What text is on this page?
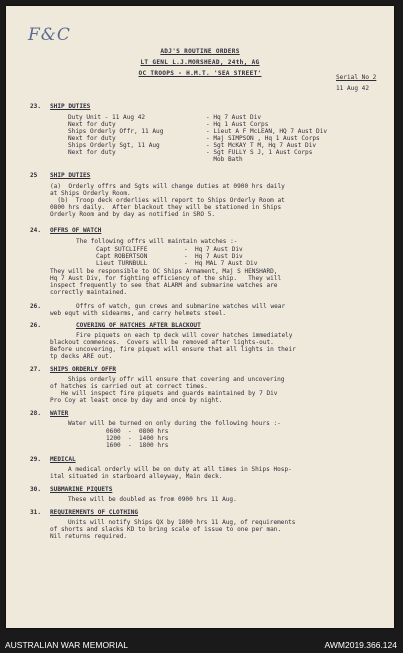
F&C
ADJ'S ROUTINE ORDERS
LT GENL L.J.MORSHEAD, 24th, AG
OC TROOPS - H.M.T. 'SEA STREET'
Serial No 2
11 Aug 42
23. SHIP DUTIES
Duty Unit - 11 Aug 42	- Hq 7 Aust Div
Next for duty	- Hq 1 Aust Corps
Ships Orderly Offr, 11 Aug	- Lieut A F McLEAN, HQ 7 Aust Div
Next for duty	- Maj SIMPSON , Hq 1 Aust Corps
Ships Orderly Sgt, 11 Aug	- Sgt McKAY T M, Hq 7 Aust Div
Next for duty	- Sgt FULLY S J, 1 Aust Corps
Mob Bath
25 SHIP DUTIES
(a)  Orderly offrs and Sgts will change duties at 0900 hrs daily
at Ships Orderly Room.
(b)  Troop deck orderlies will report to Ships Orderly Room at
0800 hrs daily.  After blackout they will be stationed in Ships
Orderly Room and by day as notified in SRO 5.
24. OFFRS OF WATCH
The following offrs will maintain watches :-
Capt SUTCLIFFE	-  Hq 7 Aust Div
Capt ROBERTSON	-  Hq 7 Aust Div
Lieut TURNBULL	-  Hq MAL 7 Aust Div
They will be responsible to OC Ships Armament, Maj S HENSHARD,
Hq 7 Aust Div, for fighting efficiency of the ship.   They will
inspect frequently to see that ALARM and submarine watches are
correctly maintained.
26.	Offrs of watch, gun crews and submarine watches will wear
web equt with sidearms, and carry helmets steel.
26.	COVERING OF HATCHES AFTER BLACKOUT
Fire piquets on each tp deck will cover hatches immediately
blackout commences.  Covers will be removed after lights-out.
Before uncovering, fire piquet will ensure that all lights in their
tp decks ARE out.
27. SHIPS ORDERLY OFFR
Ships orderly offr will ensure that covering and uncovering
of hatches is carried out at correct times.
He will inspect fire piquets and guards maintained by 7 Div
Pro Coy at least once by day and once by night.
28. WATER
Water will be turned on only during the following hours :-
0600  -  0800 hrs
1200  -  1400 hrs
1600  -  1800 hrs
29. MEDICAL
A medical orderly will be on duty at all times in Ships Hosp-
ital situated in starboard alleyway, Main deck.
30. SUBMARINE PIQUETS
These will be doubled as from 0900 hrs 11 Aug.
31. REQUIREMENTS OF CLOTHING
Units will notify Ships QX by 1800 hrs 11 Aug, of requirements
of shorts and slacks KD to bring scale of issue to one per man.
Nil returns required.
AUSTRALIAN WAR MEMORIAL	AWM2019.366.124
